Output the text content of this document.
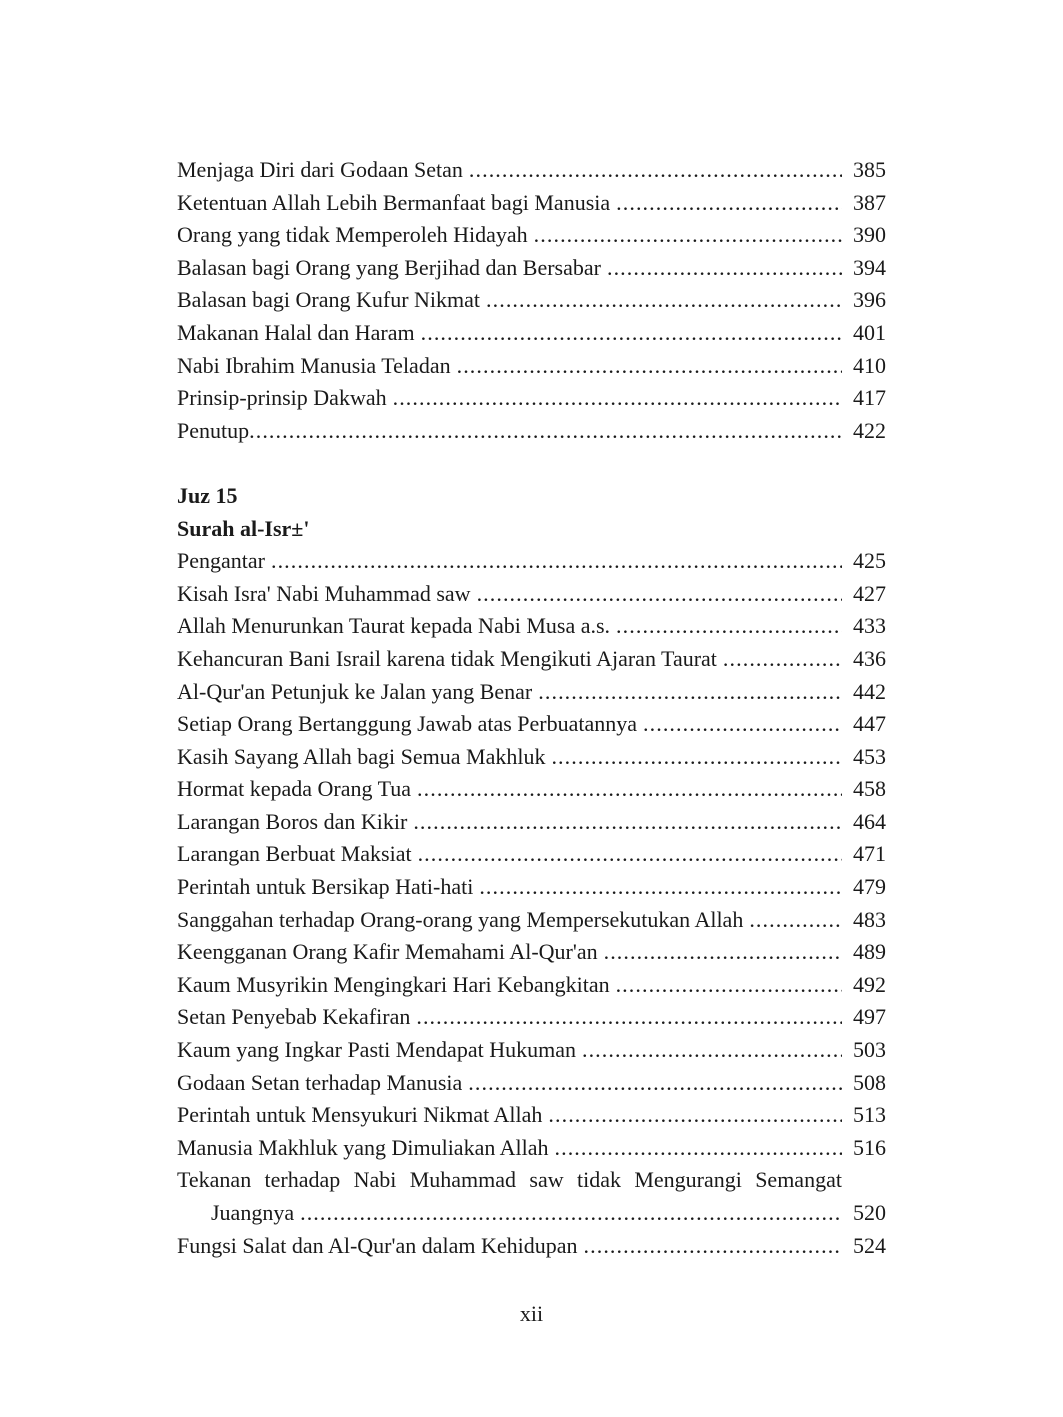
Menjaga Diri dari Godaan Setan .....	385
Ketentuan Allah Lebih Bermanfaat bagi Manusia .....	387
Orang yang tidak Memperoleh Hidayah .....	390
Balasan bagi Orang yang Berjihad dan Bersabar .....	394
Balasan bagi Orang Kufur Nikmat .....	396
Makanan Halal dan Haram .....	401
Nabi Ibrahim Manusia Teladan .....	410
Prinsip-prinsip Dakwah .....	417
Penutup .....	422
Juz 15
Surah al-Isr±'
Pengantar .....	425
Kisah Isra' Nabi Muhammad saw .....	427
Allah Menurunkan Taurat kepada Nabi Musa a.s. .....	433
Kehancuran Bani Israil karena tidak Mengikuti Ajaran Taurat .....	436
Al-Qur'an Petunjuk ke Jalan yang Benar .....	442
Setiap Orang Bertanggung Jawab atas Perbuatannya .....	447
Kasih Sayang Allah bagi Semua Makhluk .....	453
Hormat kepada Orang Tua .....	458
Larangan Boros dan Kikir .....	464
Larangan Berbuat Maksiat .....	471
Perintah untuk Bersikap Hati-hati .....	479
Sanggahan terhadap Orang-orang yang Mempersekutukan Allah .....	483
Keengganan Orang Kafir Memahami Al-Qur'an .....	489
Kaum Musyrikin Mengingkari Hari Kebangkitan .....	492
Setan Penyebab Kekafiran .....	497
Kaum yang Ingkar Pasti Mendapat Hukuman .....	503
Godaan Setan terhadap Manusia .....	508
Perintah untuk Mensyukuri Nikmat Allah .....	513
Manusia Makhluk yang Dimuliakan Allah .....	516
Tekanan terhadap Nabi Muhammad saw tidak Mengurangi Semangat
Juangnya .....	520
Fungsi Salat dan Al-Qur'an dalam Kehidupan .....	524
xii
